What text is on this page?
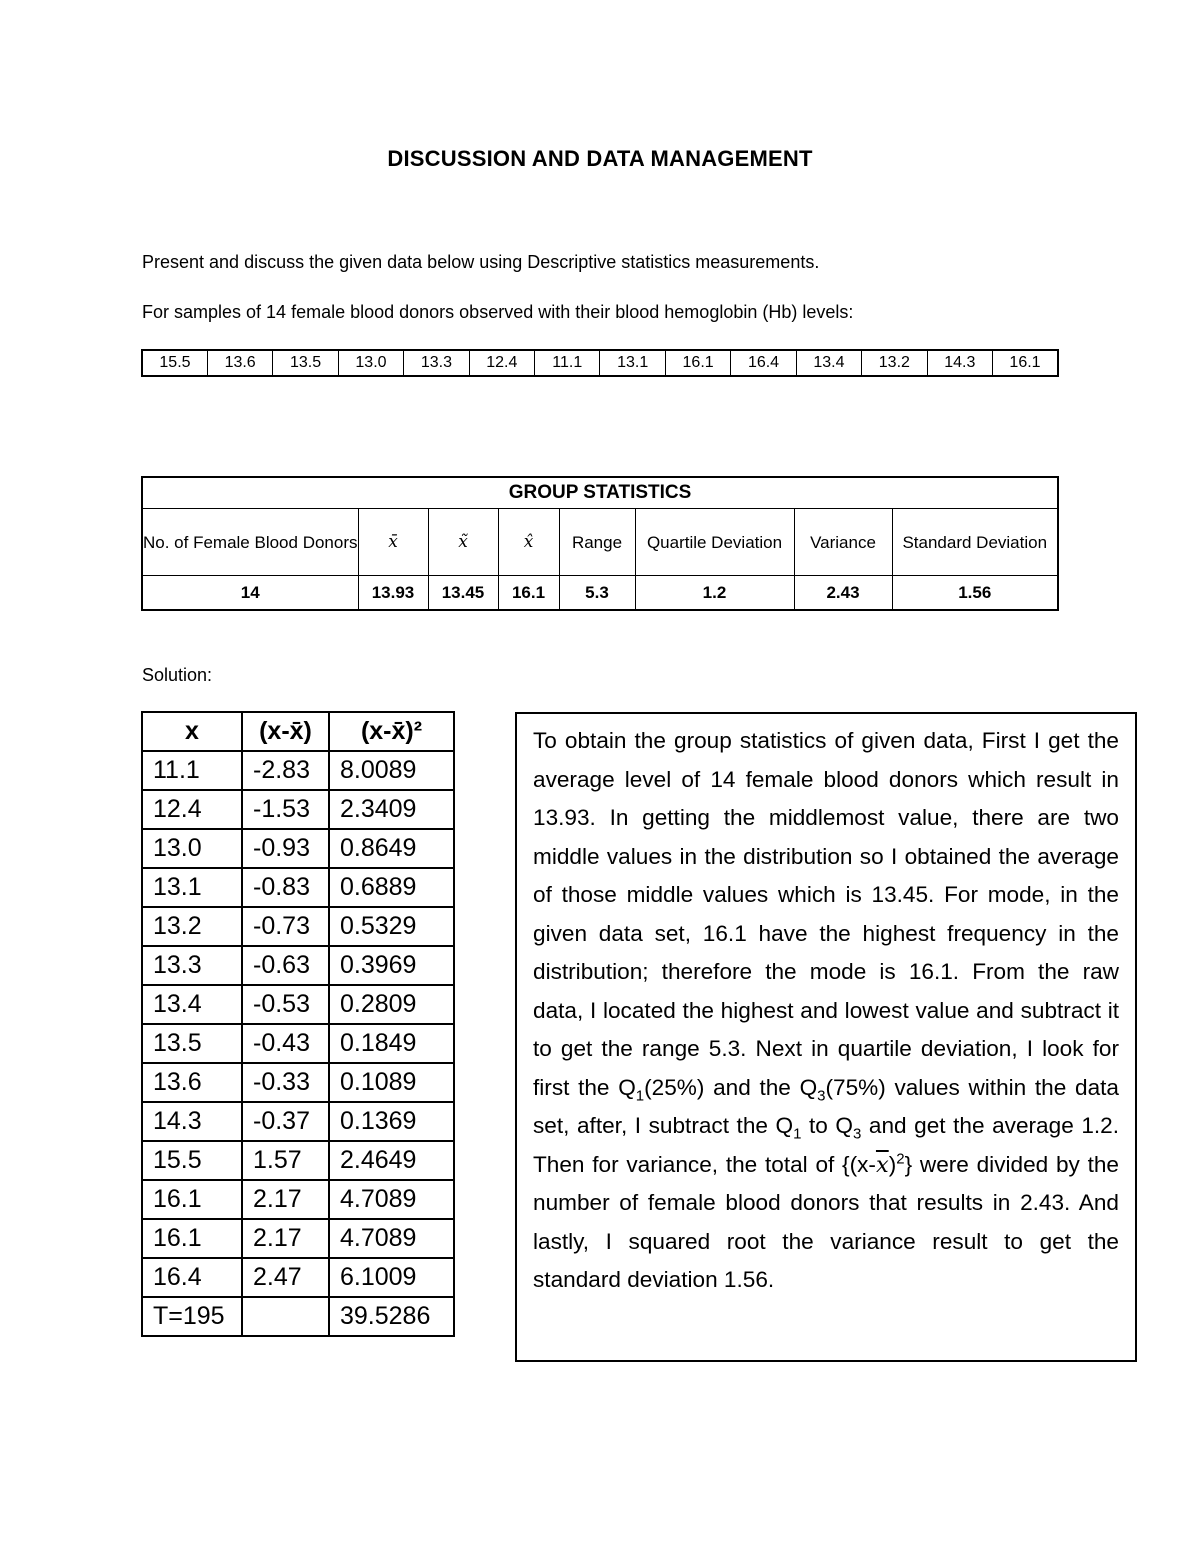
DISCUSSION AND DATA MANAGEMENT
Present and discuss the given data below using Descriptive statistics measurements.
For samples of 14 female blood donors observed with their blood hemoglobin (Hb) levels:
15.5	13.6	13.5	13.0	13.3	12.4	11.1	13.1	16.1	16.4	13.4	13.2	14.3	16.1
GROUP STATISTICS							
No. of Female Blood Donors	x̄	x̃	x̂	Range	Quartile Deviation	Variance	Standard Deviation
14	13.93	13.45	16.1	5.3	1.2	2.43	1.56
Solution:
x	(x-x̄)	(x-x̄)²
11.1	-2.83	8.0089
12.4	-1.53	2.3409
13.0	-0.93	0.8649
13.1	-0.83	0.6889
13.2	-0.73	0.5329
13.3	-0.63	0.3969
13.4	-0.53	0.2809
13.5	-0.43	0.1849
13.6	-0.33	0.1089
14.3	-0.37	0.1369
15.5	1.57	2.4649
16.1	2.17	4.7089
16.1	2.17	4.7089
16.4	2.47	6.1009
T=195		39.5286
To obtain the group statistics of given data, First I get the average level of 14 female blood donors which result in 13.93. In getting the middlemost value, there are two middle values in the distribution so I obtained the average of those middle values which is 13.45. For mode, in the given data set, 16.1 have the highest frequency in the distribution; therefore the mode is 16.1. From the raw data, I located the highest and lowest value and subtract it to get the range 5.3. Next in quartile deviation, I look for first the $Q_1(25\%)$ and the $Q_3(75\%)$ values within the data set, after, I subtract the $Q_1$ to $Q_3$ and get the average 1.2. Then for variance, the total of $\{(x-\overline{x})^2\}$ were divided by the number of female blood donors that results in 2.43. And lastly, I squared root the variance result to get the standard deviation 1.56.
